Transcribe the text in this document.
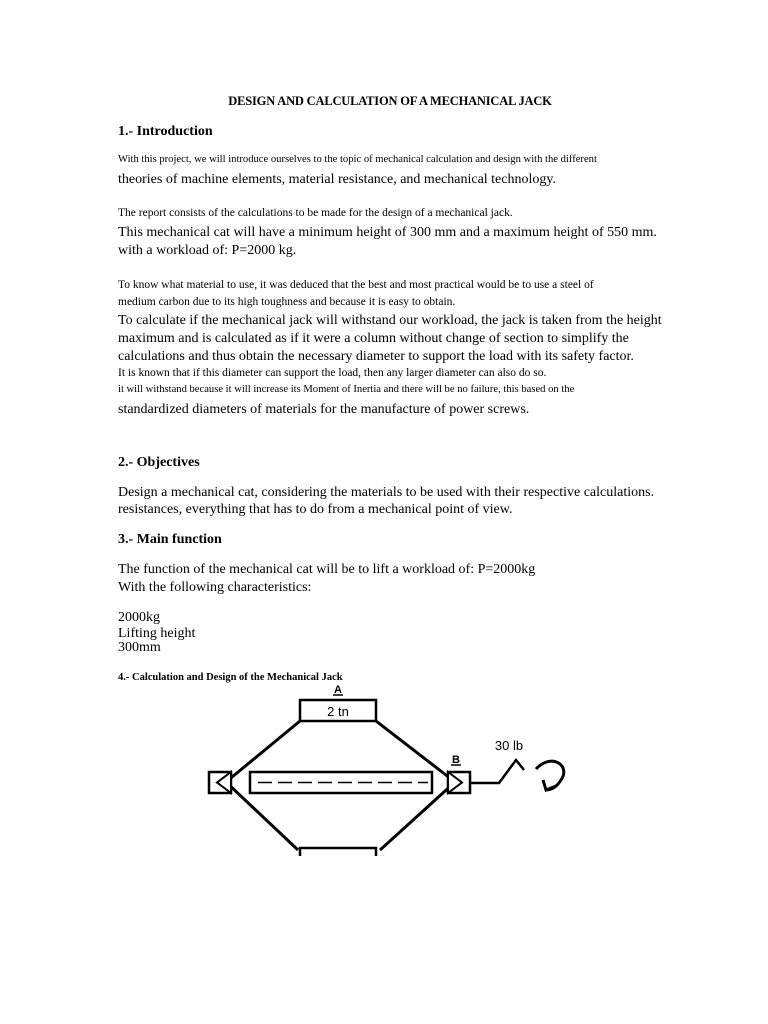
DESIGN AND CALCULATION OF A MECHANICAL JACK
1.- Introduction
With this project, we will introduce ourselves to the topic of mechanical calculation and design with the different
theories of machine elements, material resistance, and mechanical technology.
The report consists of the calculations to be made for the design of a mechanical jack.
This mechanical cat will have a minimum height of 300 mm and a maximum height of 550 mm.
with a workload of: P=2000 kg.
To know what material to use, it was deduced that the best and most practical would be to use a steel of
medium carbon due to its high toughness and because it is easy to obtain.
To calculate if the mechanical jack will withstand our workload, the jack is taken from the height
maximum and is calculated as if it were a column without change of section to simplify the
calculations and thus obtain the necessary diameter to support the load with its safety factor.
It is known that if this diameter can support the load, then any larger diameter can also do so.
it will withstand because it will increase its Moment of Inertia and there will be no failure, this based on the
standardized diameters of materials for the manufacture of power screws.
2.- Objectives
Design a mechanical cat, considering the materials to be used with their respective calculations.
resistances, everything that has to do from a mechanical point of view.
3.- Main function
The function of the mechanical cat will be to lift a workload of: P=2000kg
With the following characteristics:
2000kg
Lifting height
300mm
4.- Calculation and Design of the Mechanical Jack
A
2 tn
B
30 lb
